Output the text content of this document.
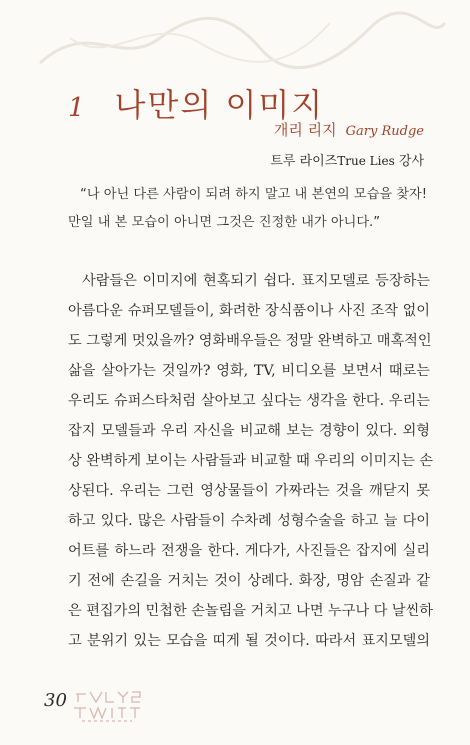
1 나만의 이미지
개리 리지 Gary Rudge
트루 라이즈True Lies 강사
“나 아닌 다른 사람이 되려 하지 말고 내 본연의 모습을 찾자! 만일 내 본 모습이 아니면 그것은 진정한 내가 아니다.”
사람들은 이미지에 현혹되기 쉽다. 표지모델로 등장하는
아름다운 슈퍼모델들이, 화려한 장식품이나 사진 조작 없이
도 그렇게 멋있을까? 영화배우들은 정말 완벽하고 매혹적인
삶을 살아가는 것일까? 영화, TV, 비디오를 보면서 때로는
우리도 슈퍼스타처럼 살아보고 싶다는 생각을 한다. 우리는
잡지 모델들과 우리 자신을 비교해 보는 경향이 있다. 외형
상 완벽하게 보이는 사람들과 비교할 때 우리의 이미지는 손
상된다. 우리는 그런 영상물들이 가짜라는 것을 깨닫지 못
하고 있다. 많은 사람들이 수차례 성형수술을 하고 늘 다이
어트를 하느라 전쟁을 한다. 게다가, 사진들은 잡지에 실리
기 전에 손길을 거치는 것이 상례다. 화장, 명암 손질과 같
은 편집가의 민첩한 손놀림을 거치고 나면 누구나 다 날씬하
고 분위기 있는 모습을 띠게 될 것이다. 따라서 표지모델의
30
